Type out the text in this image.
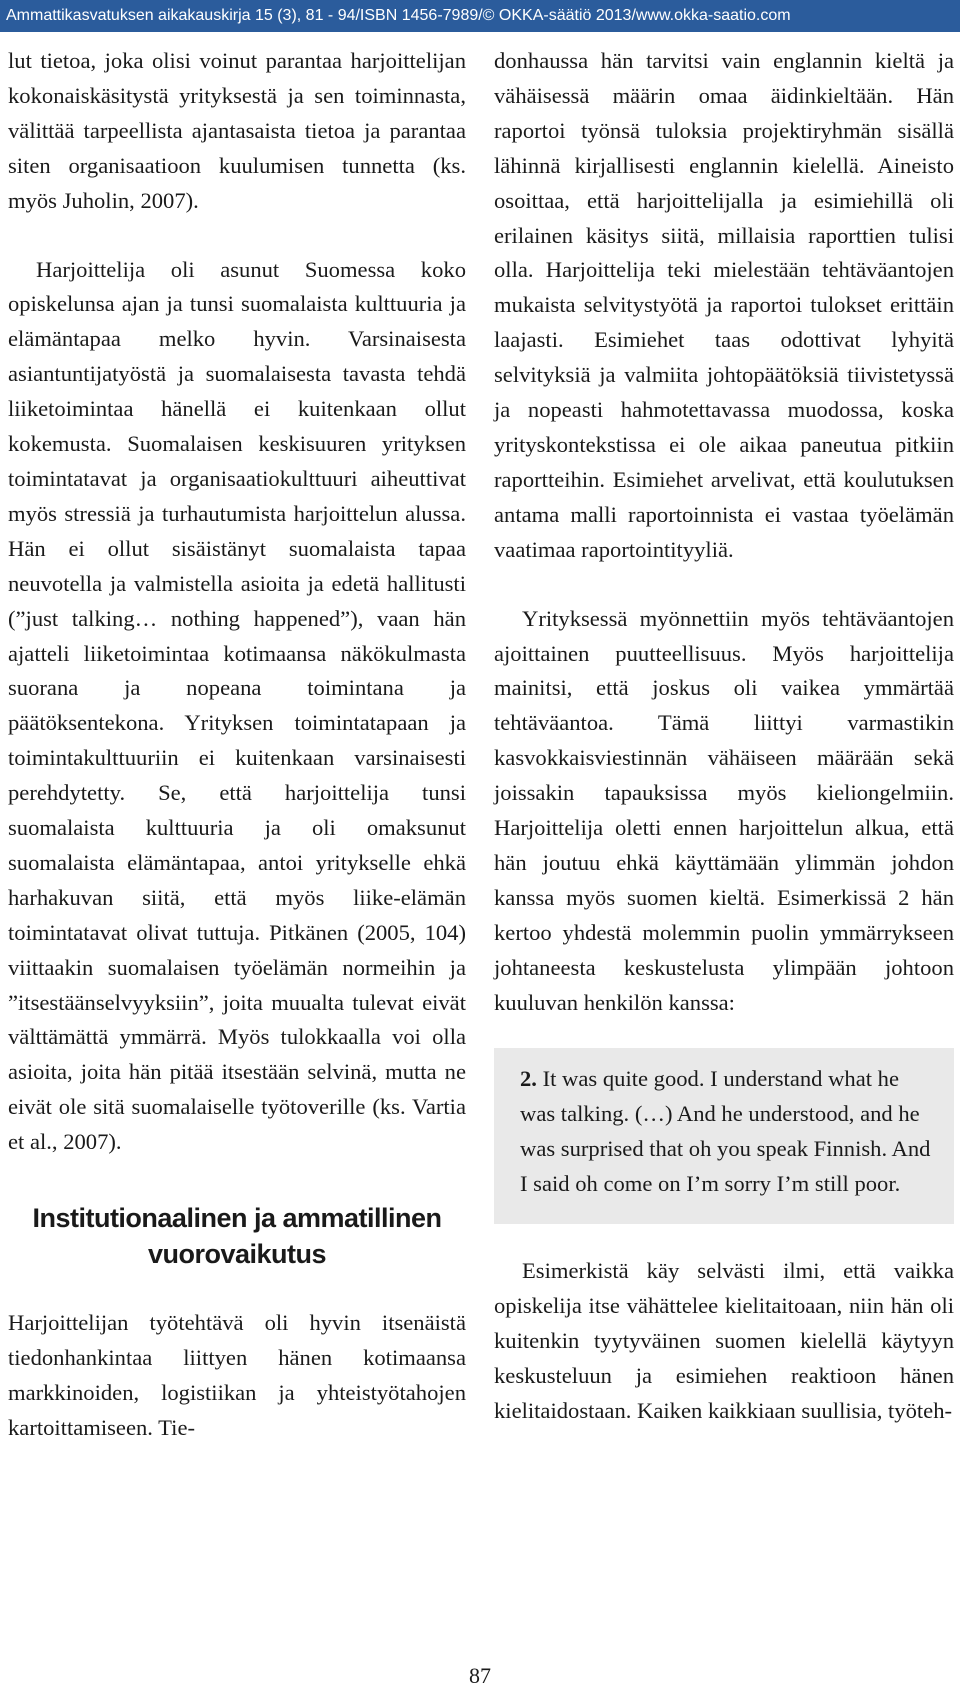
Ammattikasvatuksen aikakauskirja 15 (3), 81 - 94/ISBN 1456-7989/© OKKA-säätiö 2013/www.okka-saatio.com

lut tietoa, joka olisi voinut parantaa harjoittelijan kokonaiskäsitystä yrityksestä ja sen toiminnasta, välittää tarpeellista ajantasaista tietoa ja parantaa siten organisaatioon kuulumisen tunnetta (ks. myös Juholin, 2007).

Harjoittelija oli asunut Suomessa koko opiskelunsa ajan ja tunsi suomalaista kulttuuria ja elämäntapaa melko hyvin. Varsinaisesta asiantuntijatyöstä ja suomalaisesta tavasta tehdä liiketoimintaa hänellä ei kuitenkaan ollut kokemusta. Suomalaisen keskisuuren yrityksen toimintatavat ja organisaatiokulttuuri aiheuttivat myös stressiä ja turhautumista harjoittelun alussa. Hän ei ollut sisäistänyt suomalaista tapaa neuvotella ja valmistella asioita ja edetä hallitusti (”just talking… nothing happened”), vaan hän ajatteli liiketoimintaa kotimaansa näkökulmasta suorana ja nopeana toimintana ja päätöksentekona. Yrityksen toimintatapaan ja toimintakulttuuriin ei kuitenkaan varsinaisesti perehdytetty. Se, että harjoittelija tunsi suomalaista kulttuuria ja oli omaksunut suomalaista elämäntapaa, antoi yritykselle ehkä harhakuvan siitä, että myös liike-elämän toimintatavat olivat tuttuja. Pitkänen (2005, 104) viittaakin suomalaisen työelämän normeihin ja ”itsestäänselvyyksiin”, joita muualta tulevat eivät välttämättä ymmärrä. Myös tulokkaalla voi olla asioita, joita hän pitää itsestään selvinä, mutta ne eivät ole sitä suomalaiselle työtoverille (ks. Vartia et al., 2007).

Institutionaalinen ja ammatillinen vuorovaikutus

Harjoittelijan työtehtävä oli hyvin itsenäistä tiedonhankintaa liittyen hänen kotimaansa markkinoiden, logistiikan ja yhteistyötahojen kartoittamiseen. Tie-

donhaussa hän tarvitsi vain englannin kieltä ja vähäisessä määrin omaa äidinkieltään. Hän raportoi työnsä tuloksia projektiryhmän sisällä lähinnä kirjallisesti englannin kielellä. Aineisto osoittaa, että harjoittelijalla ja esimiehillä oli erilainen käsitys siitä, millaisia raporttien tulisi olla. Harjoittelija teki mielestään tehtäväantojen mukaista selvitystyötä ja raportoi tulokset erittäin laajasti. Esimiehet taas odottivat lyhyitä selvityksiä ja valmiita johtopäätöksiä tiivistetyssä ja nopeasti hahmotettavassa muodossa, koska yrityskontekstissa ei ole aikaa paneutua pitkiin raportteihin. Esimiehet arvelivat, että koulutuksen antama malli raportoinnista ei vastaa työelämän vaatimaa raportointityyliä.

Yrityksessä myönnettiin myös tehtäväantojen ajoittainen puutteellisuus. Myös harjoittelija mainitsi, että joskus oli vaikea ymmärtää tehtäväantoa. Tämä liittyi varmastikin kasvokkaisviestinnän vähäiseen määrään sekä joissakin tapauksissa myös kieliongelmiin. Harjoittelija oletti ennen harjoittelun alkua, että hän joutuu ehkä käyttämään ylimmän johdon kanssa myös suomen kieltä. Esimerkissä 2 hän kertoo yhdestä molemmin puolin ymmärrykseen johtaneesta keskustelusta ylimpään johtoon kuuluvan henkilön kanssa:

2. It was quite good. I understand what he was talking. (…) And he understood, and he was surprised that oh you speak Finnish. And I said oh come on I’m sorry I’m still poor.

Esimerkistä käy selvästi ilmi, että vaikka opiskelija itse vähättelee kielitaitoaan, niin hän oli kuitenkin tyytyväinen suomen kielellä käytyyn keskusteluun ja esimiehen reaktioon hänen kielitaidostaan. Kaiken kaikkiaan suullisia, työteh-

87
